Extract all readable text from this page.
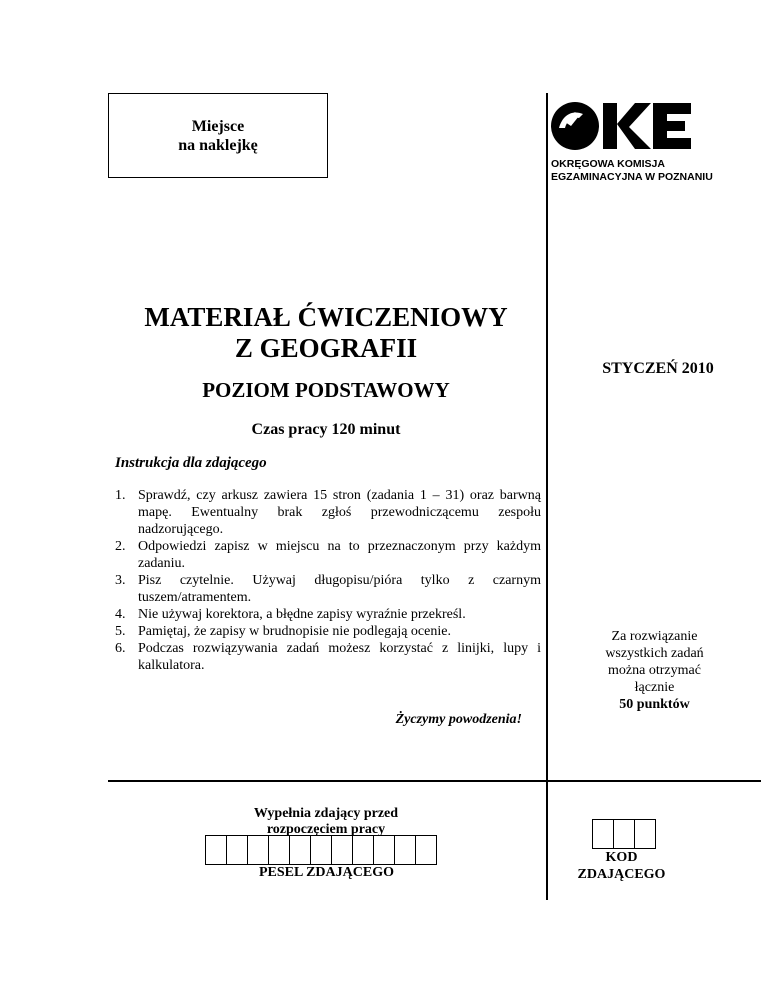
Miejsce
na naklejkę
OKRĘGOWA KOMISJA
EGZAMINACYJNA W POZNANIU
MATERIAŁ ĆWICZENIOWY
Z GEOGRAFII
POZIOM PODSTAWOWY
Czas pracy 120 minut
STYCZEŃ 2010
Instrukcja dla zdającego
1. Sprawdź, czy arkusz zawiera 15 stron (zadania 1 – 31) oraz barwną mapę. Ewentualny brak zgłoś przewodniczącemu zespołu nadzorującego.
2. Odpowiedzi zapisz w miejscu na to przeznaczonym przy każdym zadaniu.
3. Pisz czytelnie. Używaj długopisu/pióra tylko z czarnym tuszem/atramentem.
4. Nie używaj korektora, a błędne zapisy wyraźnie przekreśl.
5. Pamiętaj, że zapisy w brudnopisie nie podlegają ocenie.
6. Podczas rozwiązywania zadań możesz korzystać z linijki, lupy i kalkulatora.
Życzymy powodzenia!
Za rozwiązanie
wszystkich zadań
można otrzymać
łącznie
50 punktów
Wypełnia zdający przed
rozpoczęciem pracy
PESEL ZDAJĄCEGO
KOD
ZDAJĄCEGO
